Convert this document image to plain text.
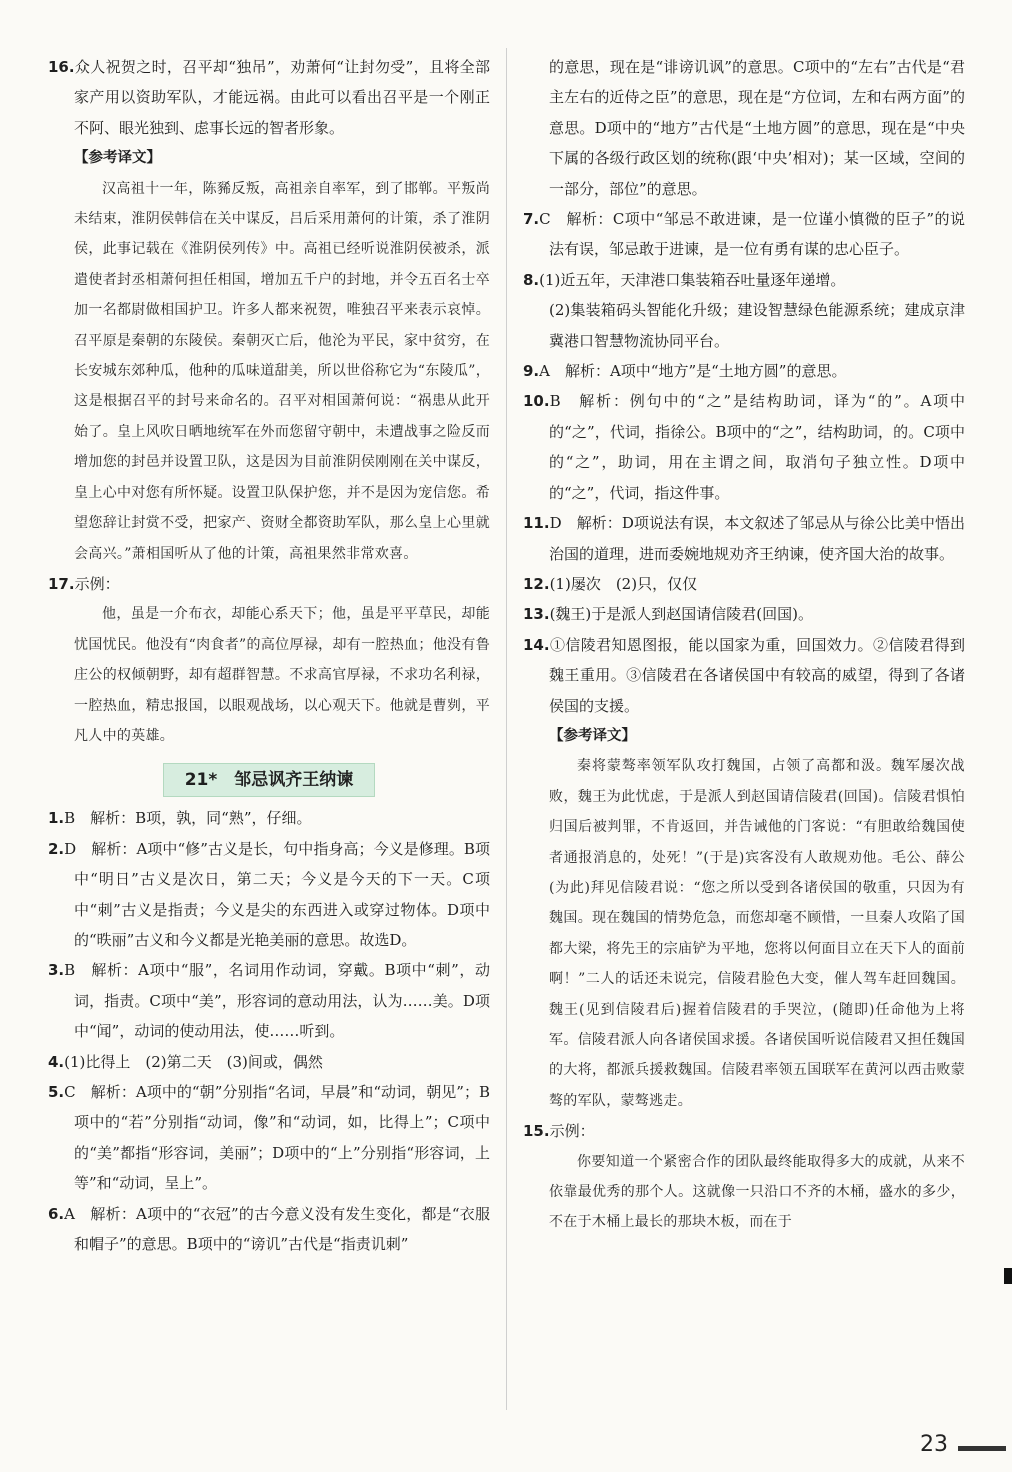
16.众人祝贺之时，召平却“独吊”，劝萧何“让封勿受”，且将全部家产用以资助军队，才能远祸。由此可以看出召平是一个刚正不阿、眼光独到、虑事长远的智者形象。

【参考译文】

汉高祖十一年，陈豨反叛，高祖亲自率军，到了邯郸。平叛尚未结束，淮阴侯韩信在关中谋反，吕后采用萧何的计策，杀了淮阴侯，此事记载在《淮阴侯列传》中。高祖已经听说淮阴侯被杀，派遣使者封丞相萧何担任相国，增加五千户的封地，并令五百名士卒加一名都尉做相国护卫。许多人都来祝贺，唯独召平来表示哀悼。召平原是秦朝的东陵侯。秦朝灭亡后，他沦为平民，家中贫穷，在长安城东郊种瓜，他种的瓜味道甜美，所以世俗称它为“东陵瓜”，这是根据召平的封号来命名的。召平对相国萧何说：“祸患从此开始了。皇上风吹日晒地统军在外而您留守朝中，未遭战事之险反而增加您的封邑并设置卫队，这是因为目前淮阴侯刚刚在关中谋反，皇上心中对您有所怀疑。设置卫队保护您，并不是因为宠信您。希望您辞让封赏不受，把家产、资财全都资助军队，那么皇上心里就会高兴。”萧相国听从了他的计策，高祖果然非常欢喜。

17.示例：

他，虽是一介布衣，却能心系天下；他，虽是平平草民，却能忧国忧民。他没有“肉食者”的高位厚禄，却有一腔热血；他没有鲁庄公的权倾朝野，却有超群智慧。不求高官厚禄，不求功名利禄，一腔热血，精忠报国，以眼观战场，以心观天下。他就是曹刿，平凡人中的英雄。

21*　邹忌讽齐王纳谏

1.B　解析：B项，孰，同“熟”，仔细。

2.D　解析：A项中“修”古义是长，句中指身高；今义是修理。B项中“明日”古义是次日，第二天；今义是今天的下一天。C项中“刺”古义是指责；今义是尖的东西进入或穿过物体。D项中的“昳丽”古义和今义都是光艳美丽的意思。故选D。

3.B　解析：A项中“服”，名词用作动词，穿戴。B项中“刺”，动词，指责。C项中“美”，形容词的意动用法，认为……美。D项中“闻”，动词的使动用法，使……听到。

4.(1)比得上　(2)第二天　(3)间或，偶然

5.C　解析：A项中的“朝”分别指“名词，早晨”和“动词，朝见”；B项中的“若”分别指“动词，像”和“动词，如，比得上”；C项中的“美”都指“形容词，美丽”；D项中的“上”分别指“形容词，上等”和“动词，呈上”。

6.A　解析：A项中的“衣冠”的古今意义没有发生变化，都是“衣服和帽子”的意思。B项中的“谤讥”古代是“指责讥刺”

的意思，现在是“诽谤讥讽”的意思。C项中的“左右”古代是“君主左右的近侍之臣”的意思，现在是“方位词，左和右两方面”的意思。D项中的“地方”古代是“土地方圆”的意思，现在是“中央下属的各级行政区划的统称(跟‘中央’相对)；某一区域，空间的一部分，部位”的意思。

7.C　解析：C项中“邹忌不敢进谏，是一位谨小慎微的臣子”的说法有误，邹忌敢于进谏，是一位有勇有谋的忠心臣子。

8.(1)近五年，天津港口集装箱吞吐量逐年递增。

(2)集装箱码头智能化升级；建设智慧绿色能源系统；建成京津冀港口智慧物流协同平台。

9.A　解析：A项中“地方”是“土地方圆”的意思。

10.B　解析：例句中的“之”是结构助词，译为“的”。A项中的“之”，代词，指徐公。B项中的“之”，结构助词，的。C项中的“之”，助词，用在主谓之间，取消句子独立性。D项中的“之”，代词，指这件事。

11.D　解析：D项说法有误，本文叙述了邹忌从与徐公比美中悟出治国的道理，进而委婉地规劝齐王纳谏，使齐国大治的故事。

12.(1)屡次　(2)只，仅仅

13.(魏王)于是派人到赵国请信陵君(回国)。

14.①信陵君知恩图报，能以国家为重，回国效力。②信陵君得到魏王重用。③信陵君在各诸侯国中有较高的威望，得到了各诸侯国的支援。

【参考译文】

秦将蒙骜率领军队攻打魏国，占领了高都和汲。魏军屡次战败，魏王为此忧虑，于是派人到赵国请信陵君(回国)。信陵君惧怕归国后被判罪，不肯返回，并告诫他的门客说：“有胆敢给魏国使者通报消息的，处死！”(于是)宾客没有人敢规劝他。毛公、薛公(为此)拜见信陵君说：“您之所以受到各诸侯国的敬重，只因为有魏国。现在魏国的情势危急，而您却毫不顾惜，一旦秦人攻陷了国都大梁，将先王的宗庙铲为平地，您将以何面目立在天下人的面前啊！”二人的话还未说完，信陵君脸色大变，催人驾车赶回魏国。魏王(见到信陵君后)握着信陵君的手哭泣，(随即)任命他为上将军。信陵君派人向各诸侯国求援。各诸侯国听说信陵君又担任魏国的大将，都派兵援救魏国。信陵君率领五国联军在黄河以西击败蒙骜的军队，蒙骜逃走。

15.示例：

你要知道一个紧密合作的团队最终能取得多大的成就，从来不依靠最优秀的那个人。这就像一只沿口不齐的木桶，盛水的多少，不在于木桶上最长的那块木板，而在于

23
